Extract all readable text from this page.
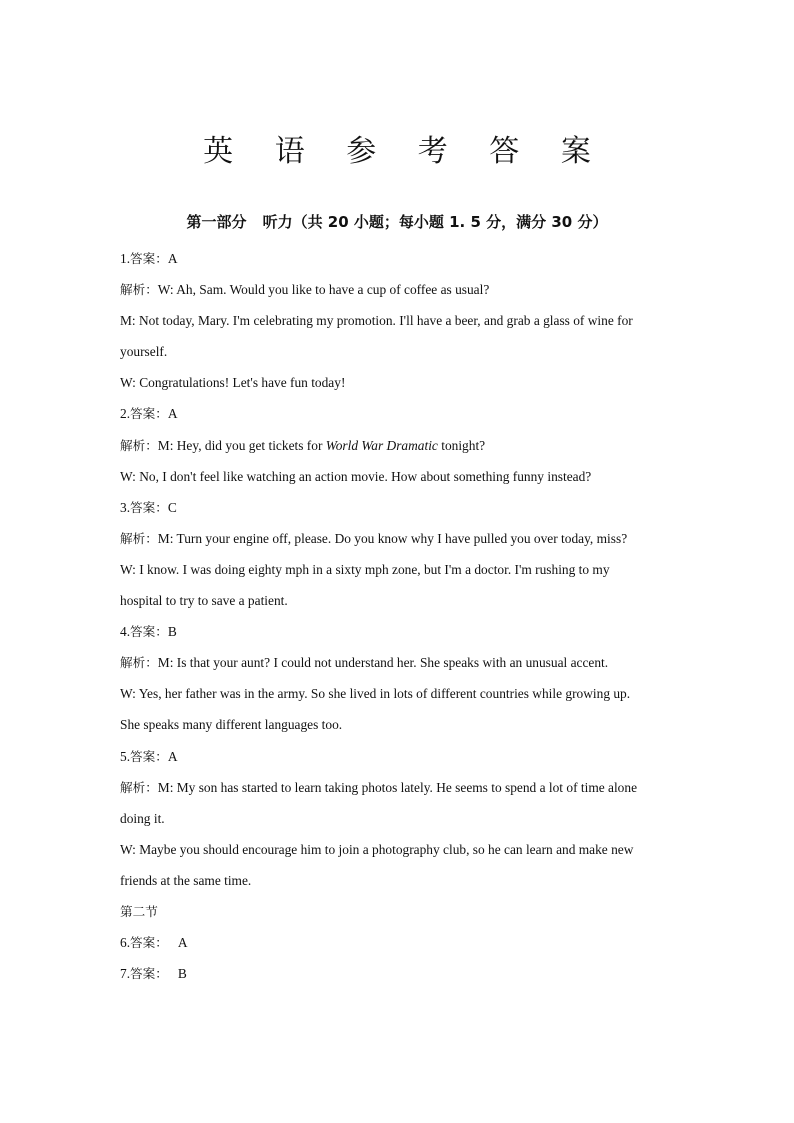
英 语 参 考 答 案
第一部分 听力（共 20 小题；每小题 1. 5 分，满分 30 分）
1.答案：A
解析：W: Ah, Sam. Would you like to have a cup of coffee as usual?
M: Not today, Mary. I'm celebrating my promotion. I'll have a beer, and grab a glass of wine for
yourself.
W: Congratulations! Let's have fun today!
2.答案：A
解析：M: Hey, did you get tickets for World War Dramatic tonight?
W: No, I don't feel like watching an action movie. How about something funny instead?
3.答案：C
解析：M: Turn your engine off, please. Do you know why I have pulled you over today, miss?
W: I know. I was doing eighty mph in a sixty mph zone, but I'm a doctor. I'm rushing to my
hospital to try to save a patient.
4.答案：B
解析：M: Is that your aunt? I could not understand her. She speaks with an unusual accent.
W: Yes, her father was in the army. So she lived in lots of different countries while growing up.
She speaks many different languages too.
5.答案：A
解析：M: My son has started to learn taking photos lately. He seems to spend a lot of time alone
doing it.
W: Maybe you should encourage him to join a photography club, so he can learn and make new
friends at the same time.
第二节
6.答案： A
7.答案： B
